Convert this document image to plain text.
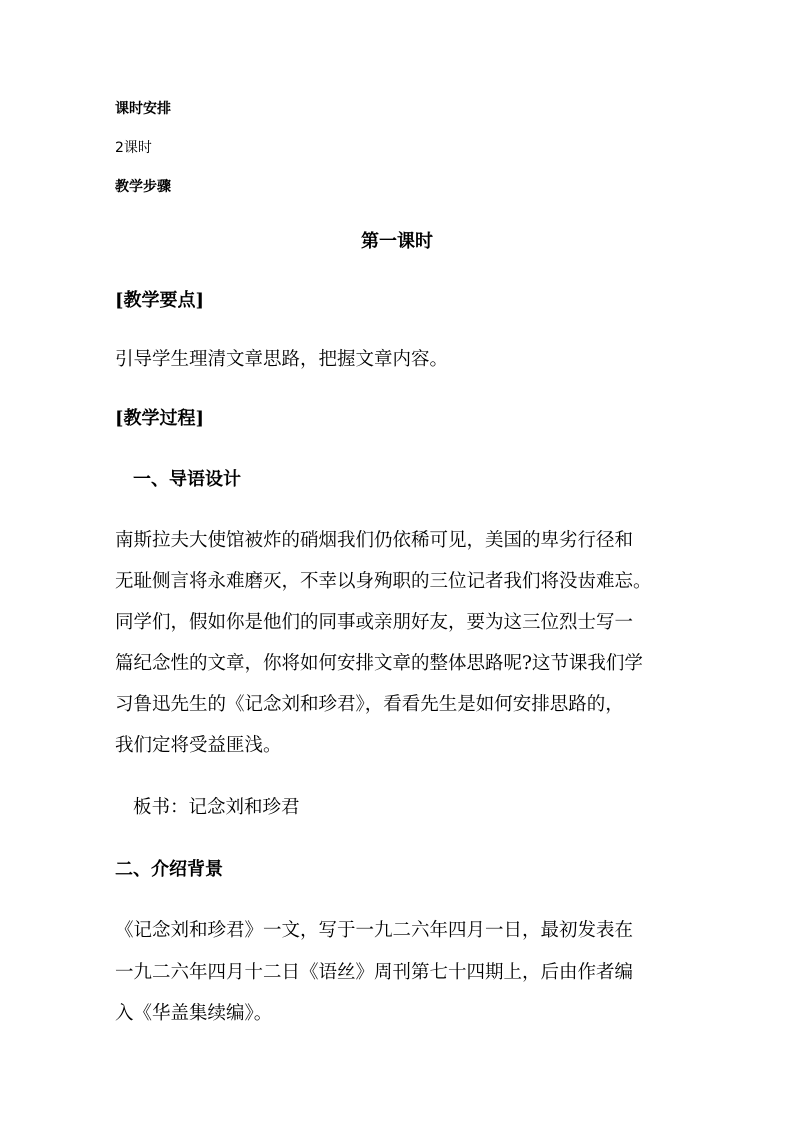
课时安排

2课时

教学步骤

第一课时

[教学要点]

引导学生理清文章思路，把握文章内容。

[教学过程]

一、导语设计

南斯拉夫大使馆被炸的硝烟我们仍依稀可见，美国的卑劣行径和

无耻侧言将永难磨灭，不幸以身殉职的三位记者我们将没齿难忘。

同学们，假如你是他们的同事或亲朋好友，要为这三位烈士写一

篇纪念性的文章，你将如何安排文章的整体思路呢?这节课我们学

习鲁迅先生的《记念刘和珍君》，看看先生是如何安排思路的，

我们定将受益匪浅。

板书：记念刘和珍君

二、介绍背景

《记念刘和珍君》一文，写于一九二六年四月一日，最初发表在

一九二六年四月十二日《语丝》周刊第七十四期上，后由作者编

入《华盖集续编》。
